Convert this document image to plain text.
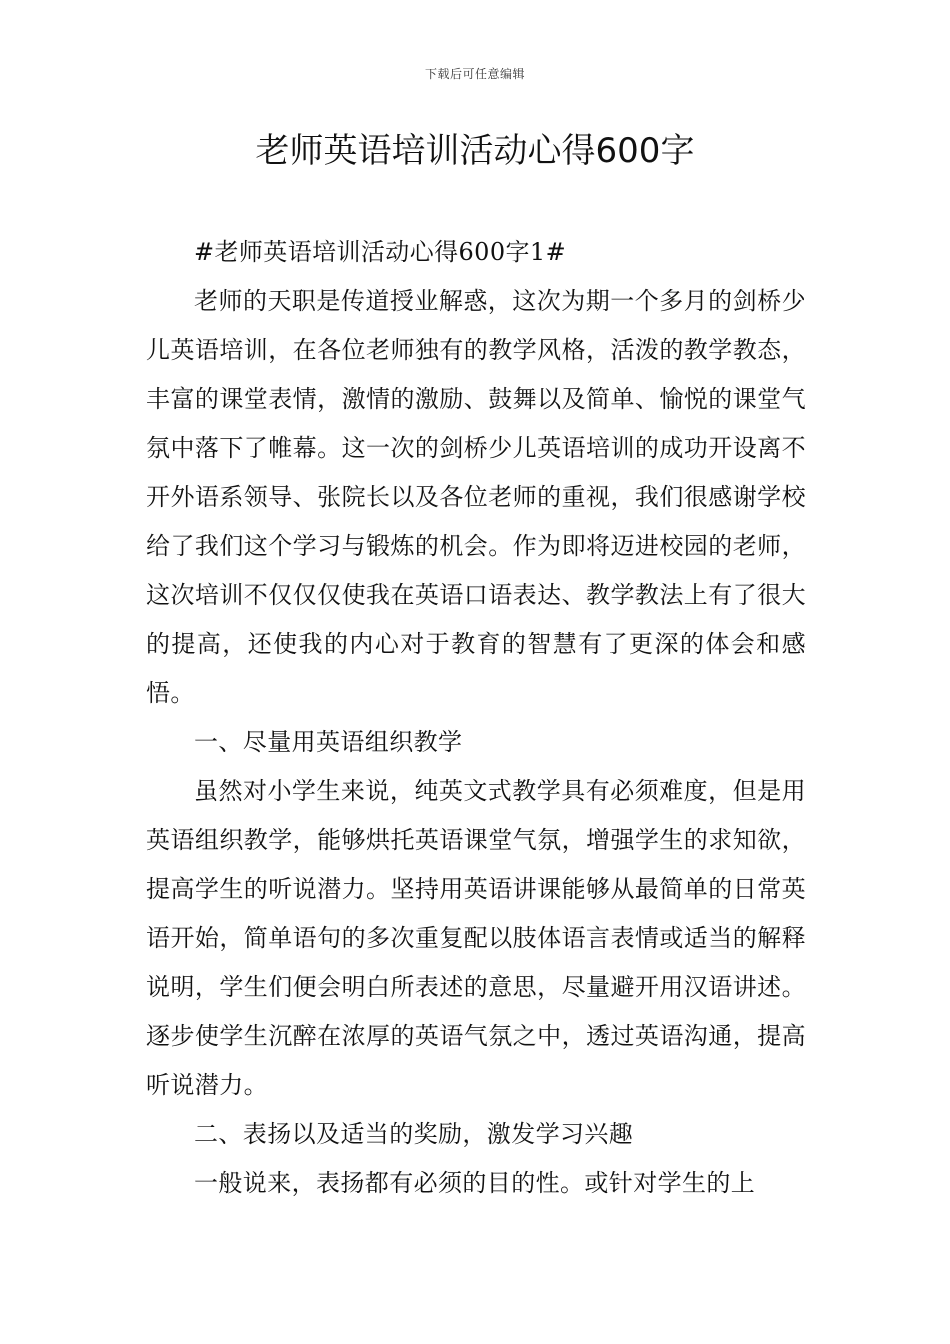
下载后可任意编辑
老师英语培训活动心得600字

#老师英语培训活动心得600字1#

老师的天职是传道授业解惑，这次为期一个多月的剑桥少儿英语培训，在各位老师独有的教学风格，活泼的教学教态，丰富的课堂表情，激情的激励、鼓舞以及简单、愉悦的课堂气氛中落下了帷幕。这一次的剑桥少儿英语培训的成功开设离不开外语系领导、张院长以及各位老师的重视，我们很感谢学校给了我们这个学习与锻炼的机会。作为即将迈进校园的老师，这次培训不仅仅仅使我在英语口语表达、教学教法上有了很大的提高，还使我的内心对于教育的智慧有了更深的体会和感悟。

一、尽量用英语组织教学

虽然对小学生来说，纯英文式教学具有必须难度，但是用英语组织教学，能够烘托英语课堂气氛，增强学生的求知欲，提高学生的听说潜力。坚持用英语讲课能够从最简单的日常英语开始，简单语句的多次重复配以肢体语言表情或适当的解释说明，学生们便会明白所表述的意思，尽量避开用汉语讲述。逐步使学生沉醉在浓厚的英语气氛之中，透过英语沟通，提高听说潜力。

二、表扬以及适当的奖励，激发学习兴趣

一般说来，表扬都有必须的目的性。或针对学生的上
